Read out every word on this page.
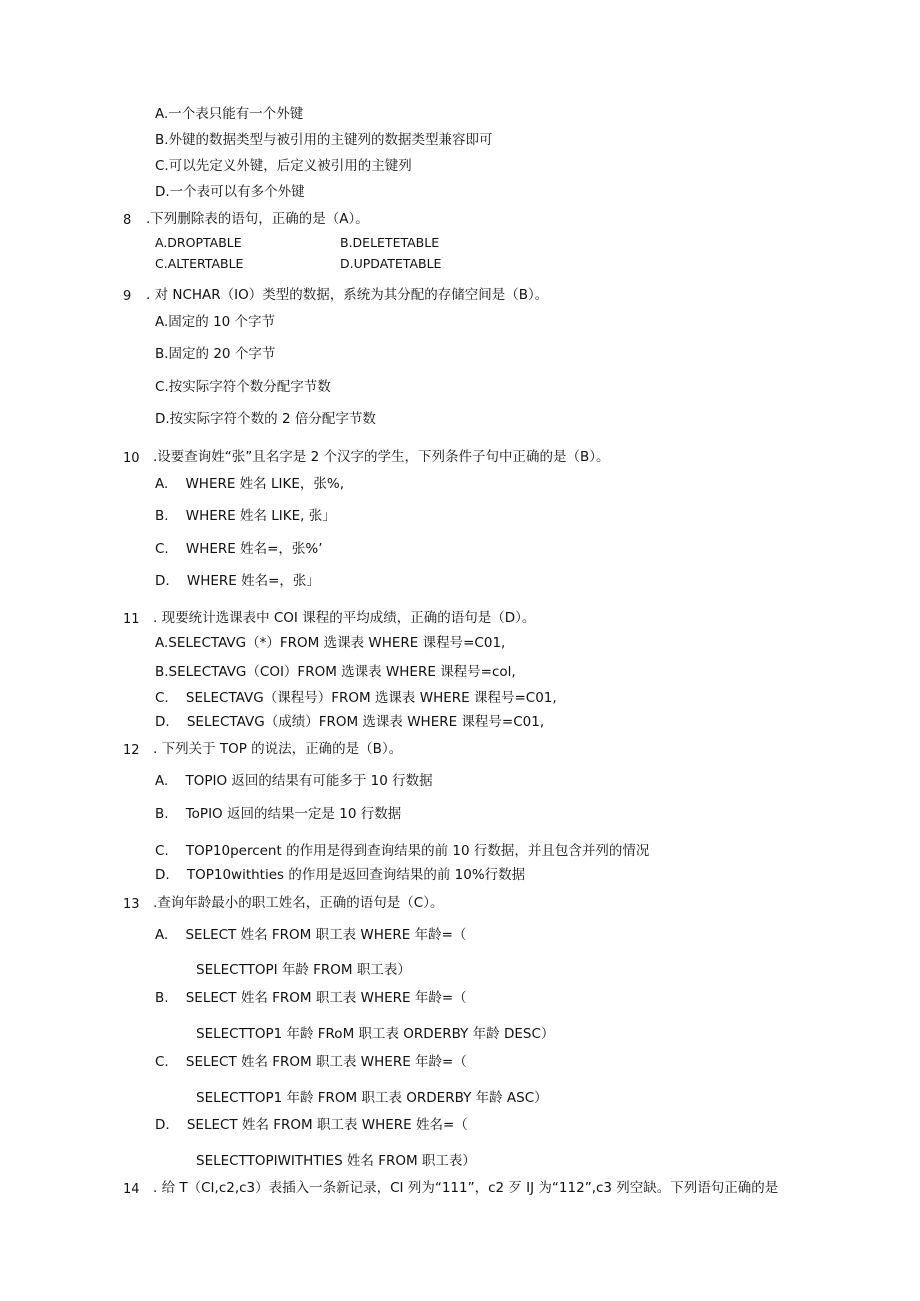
A.一个表只能有一个外键
B.外键的数据类型与被引用的主键列的数据类型兼容即可
C.可以先定义外键，后定义被引用的主键列
D.一个表可以有多个外键
8 .下列删除表的语句，正确的是（A）。
A.DROPTABLE	B.DELETETABLE
C.ALTERTABLE	D.UPDATETABLE
9 . 对 NCHAR（IO）类型的数据，系统为其分配的存储空间是（B）。
A.固定的 10 个字节
B.固定的 20 个字节
C.按实际字符个数分配字节数
D.按实际字符个数的 2 倍分配字节数
10 .设要查询姓“张”且名字是 2 个汉字的学生，下列条件子句中正确的是（B）。
A.    WHERE 姓名 LIKE，张%,
B.    WHERE 姓名 LIKE, 张」
C.    WHERE 姓名=，张%’
D.    WHERE 姓名=，张」
11 . 现要统计选课表中 COI 课程的平均成绩，正确的语句是（D）。
A.SELECTAVG（*）FROM 选课表 WHERE 课程号=C01,
B.SELECTAVG（COI）FROM 选课表 WHERE 课程号=col,
C.    SELECTAVG（课程号）FROM 选课表 WHERE 课程号=C01,
D.    SELECTAVG（成绩）FROM 选课表 WHERE 课程号=C01,
12 . 下列关于 TOP 的说法，正确的是（B）。
A.    TOPIO 返回的结果有可能多于 10 行数据
B.    ToPIO 返回的结果一定是 10 行数据
C.    TOP10percent 的作用是得到查询结果的前 10 行数据，并且包含并列的情况
D.    TOP10withties 的作用是返回查询结果的前 10%行数据
13 .查询年龄最小的职工姓名，正确的语句是（C）。
A.    SELECT 姓名 FROM 职工表 WHERE 年龄=（
SELECTTOPI 年龄 FROM 职工表）
B.    SELECT 姓名 FROM 职工表 WHERE 年龄=（
SELECTTOP1 年龄 FRoM 职工表 ORDERBY 年龄 DESC）
C.    SELECT 姓名 FROM 职工表 WHERE 年龄=（
SELECTTOP1 年龄 FROM 职工表 ORDERBY 年龄 ASC）
D.    SELECT 姓名 FROM 职工表 WHERE 姓名=（
SELECTTOPIWITHTIES 姓名 FROM 职工表）
14 . 给 T（CI,c2,c3）表插入一条新记录，CI 列为“111”，c2 歹 IJ 为“112”,c3 列空缺。下列语句正确的是
